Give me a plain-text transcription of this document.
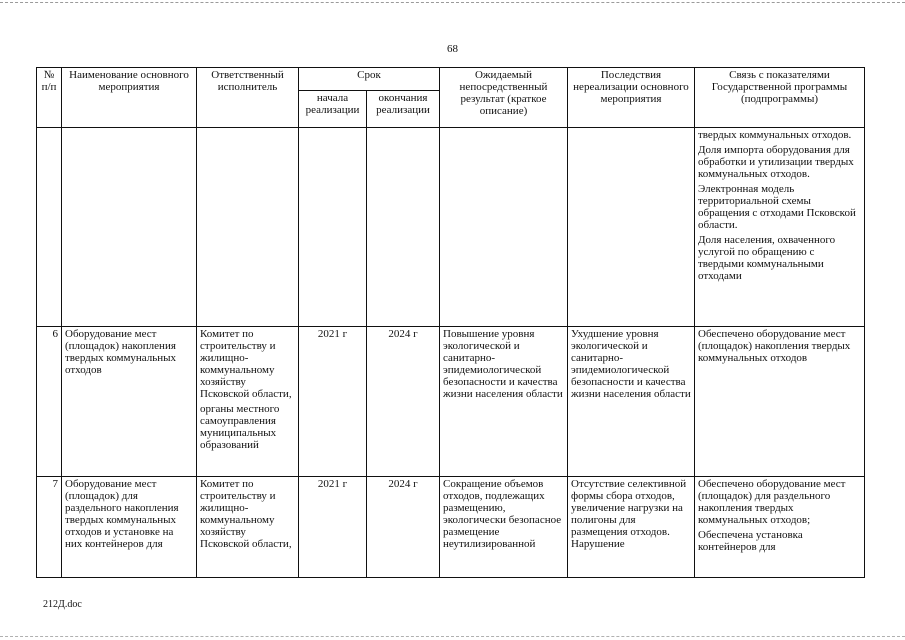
68
№ п/п	Наименование основного мероприятия	Ответственный исполнитель	Срок		Ожидаемый непосредственный результат (краткое описание)	Последствия нереализации основного мероприятия	Связь с показателями Государственной программы (подпрограммы)
			начала реализации	окончания реализации			

							твердых коммунальных отходов.

Доля импорта оборудования для обработки и утилизации твердых коммунальных отходов.

Электронная модель территориальной схемы обращения с отходами Псковской области.

Доля населения, охваченного услугой по обращению с твердыми коммунальными отходами

6	Оборудование мест (площадок) накопления твердых коммунальных отходов	Комитет по строительству и жилищно-коммунальному хозяйству Псковской области,

органы местного самоуправления муниципальных образований	2021 г	2024 г	Повышение уровня экологической и санитарно-эпидемиологической безопасности и качества жизни населения области	Ухудшение уровня экологической и санитарно-эпидемиологической безопасности и качества жизни населения области	Обеспечено оборудование мест (площадок) накопления твердых коммунальных отходов

7	Оборудование мест (площадок) для раздельного накопления твердых коммунальных отходов и установке на них контейнеров для	Комитет по строительству и жилищно-коммунальному хозяйству Псковской области,	2021 г	2024 г	Сокращение объемов отходов, подлежащих размещению, экологически безопасное размещение неутилизированной	Отсутствие селективной формы сбора отходов, увеличение нагрузки на полигоны для размещения отходов. Нарушение	Обеспечено оборудование мест (площадок) для раздельного накопления твердых коммунальных отходов;

Обеспечена установка контейнеров для

212Д.doc
